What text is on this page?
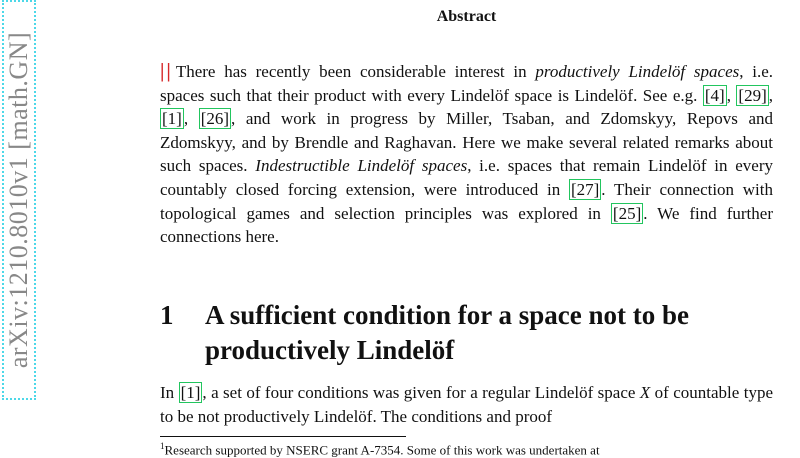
arXiv:1210.8010v1 [math.GN]
Abstract
|| There has recently been considerable interest in productively Lindelöf spaces, i.e. spaces such that their product with every Lindelöf space is Lindelöf. See e.g. [4] , [29] , [1] , [26] , and work in progress by Miller, Tsaban, and Zdomskyy, Repovs and Zdomskyy, and by Brendle and Raghavan. Here we make several related remarks about such spaces. Indestructible Lindelöf spaces, i.e. spaces that remain Lindelöf in every countably closed forcing extension, were introduced in [27] . Their connection with topological games and selection principles was explored in [25] . We find further connections here.
1 A sufficient condition for a space not to be productively Lindelöf
In [1] , a set of four conditions was given for a regular Lindelöf space X of countable type to be not productively Lindelöf. The conditions and proof
$^1$Research supported by NSERC grant A-7354. Some of this work was undertaken at
